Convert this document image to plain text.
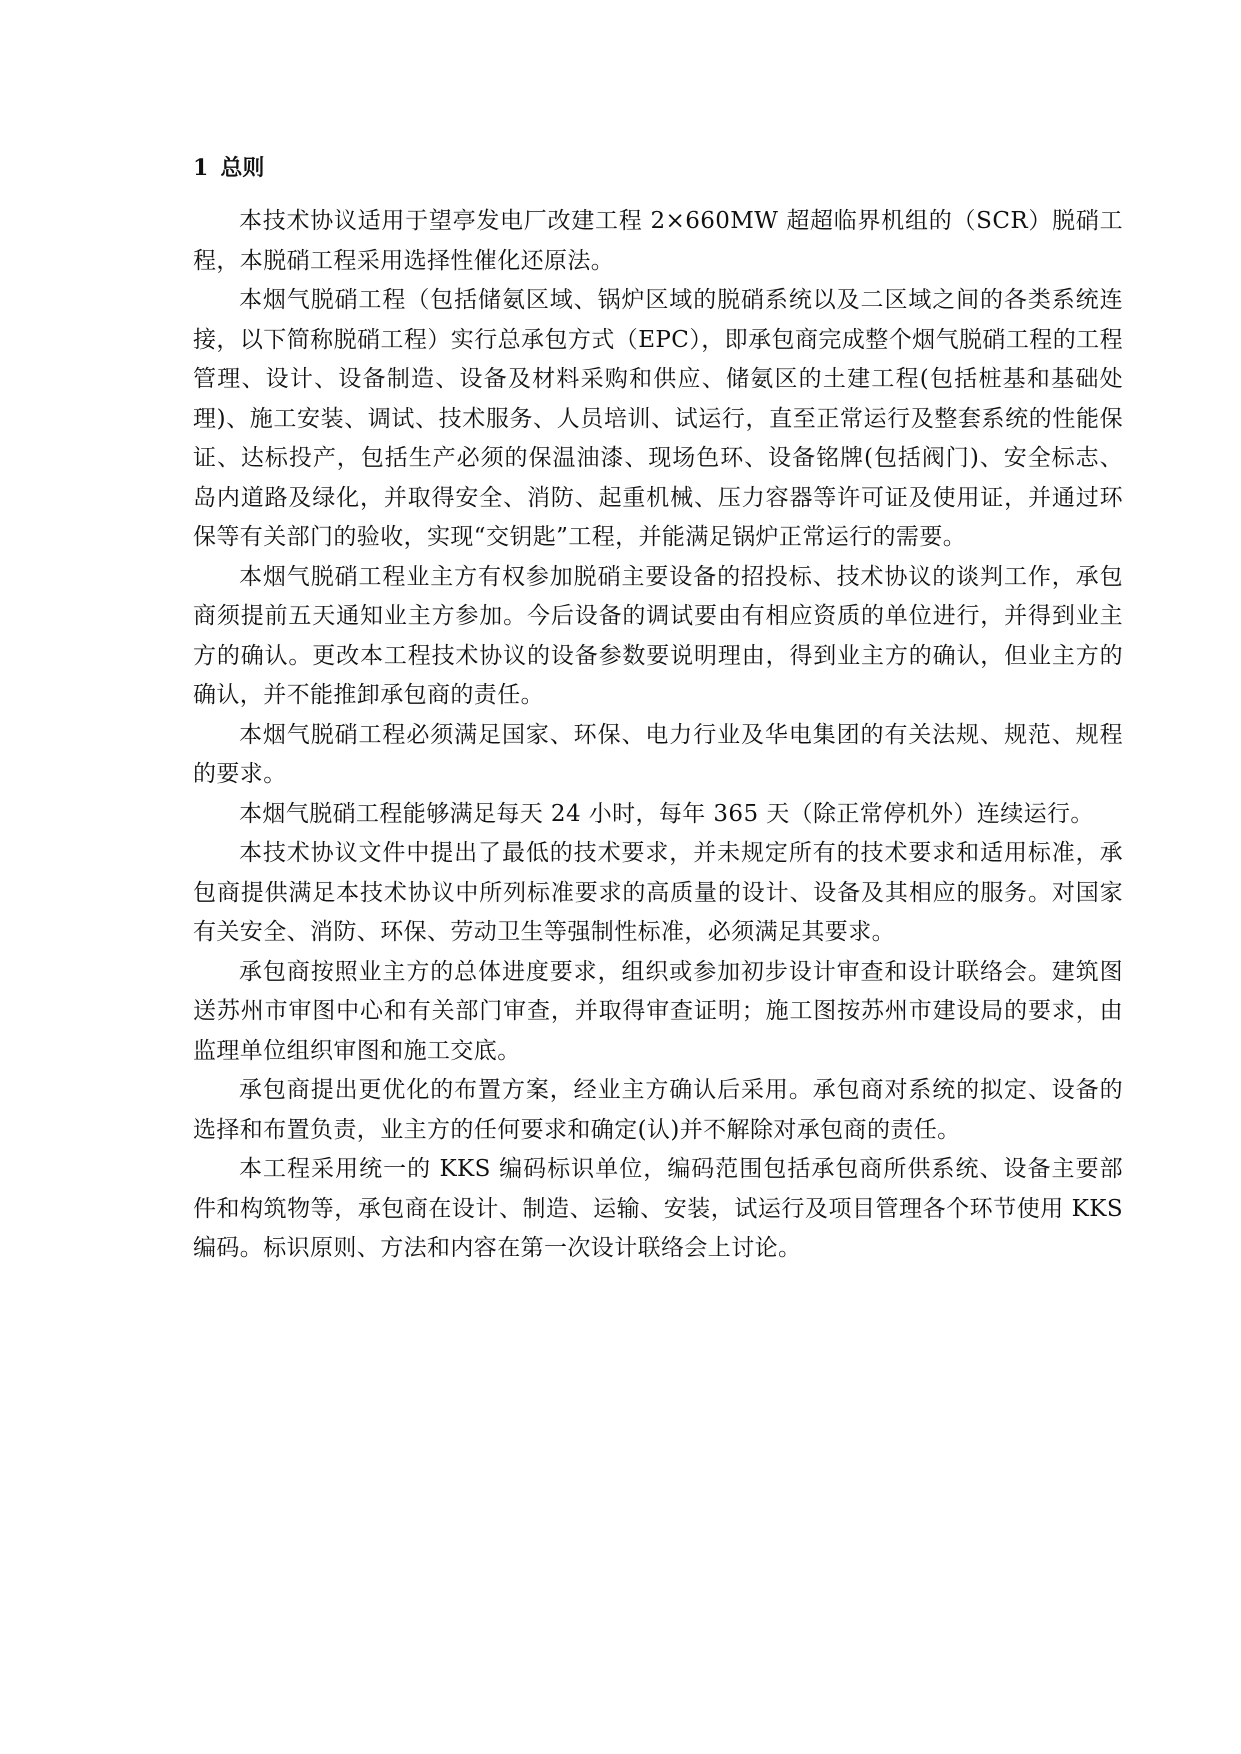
1 总则

本技术协议适用于望亭发电厂改建工程 2×660MW 超超临界机组的（SCR）脱硝工程，本脱硝工程采用选择性催化还原法。

本烟气脱硝工程（包括储氨区域、锅炉区域的脱硝系统以及二区域之间的各类系统连接，以下简称脱硝工程）实行总承包方式（EPC），即承包商完成整个烟气脱硝工程的工程管理、设计、设备制造、设备及材料采购和供应、储氨区的土建工程(包括桩基和基础处理)、施工安装、调试、技术服务、人员培训、试运行，直至正常运行及整套系统的性能保证、达标投产，包括生产必须的保温油漆、现场色环、设备铭牌(包括阀门)、安全标志、岛内道路及绿化，并取得安全、消防、起重机械、压力容器等许可证及使用证，并通过环保等有关部门的验收，实现“交钥匙”工程，并能满足锅炉正常运行的需要。

本烟气脱硝工程业主方有权参加脱硝主要设备的招投标、技术协议的谈判工作，承包商须提前五天通知业主方参加。今后设备的调试要由有相应资质的单位进行，并得到业主方的确认。更改本工程技术协议的设备参数要说明理由，得到业主方的确认，但业主方的确认，并不能推卸承包商的责任。

本烟气脱硝工程必须满足国家、环保、电力行业及华电集团的有关法规、规范、规程的要求。

本烟气脱硝工程能够满足每天 24 小时，每年 365 天（除正常停机外）连续运行。

本技术协议文件中提出了最低的技术要求，并未规定所有的技术要求和适用标准，承包商提供满足本技术协议中所列标准要求的高质量的设计、设备及其相应的服务。对国家有关安全、消防、环保、劳动卫生等强制性标准，必须满足其要求。

承包商按照业主方的总体进度要求，组织或参加初步设计审查和设计联络会。建筑图送苏州市审图中心和有关部门审查，并取得审查证明；施工图按苏州市建设局的要求，由监理单位组织审图和施工交底。

承包商提出更优化的布置方案，经业主方确认后采用。承包商对系统的拟定、设备的选择和布置负责，业主方的任何要求和确定(认)并不解除对承包商的责任。

本工程采用统一的 KKS 编码标识单位，编码范围包括承包商所供系统、设备主要部件和构筑物等，承包商在设计、制造、运输、安装，试运行及项目管理各个环节使用 KKS 编码。标识原则、方法和内容在第一次设计联络会上讨论。
